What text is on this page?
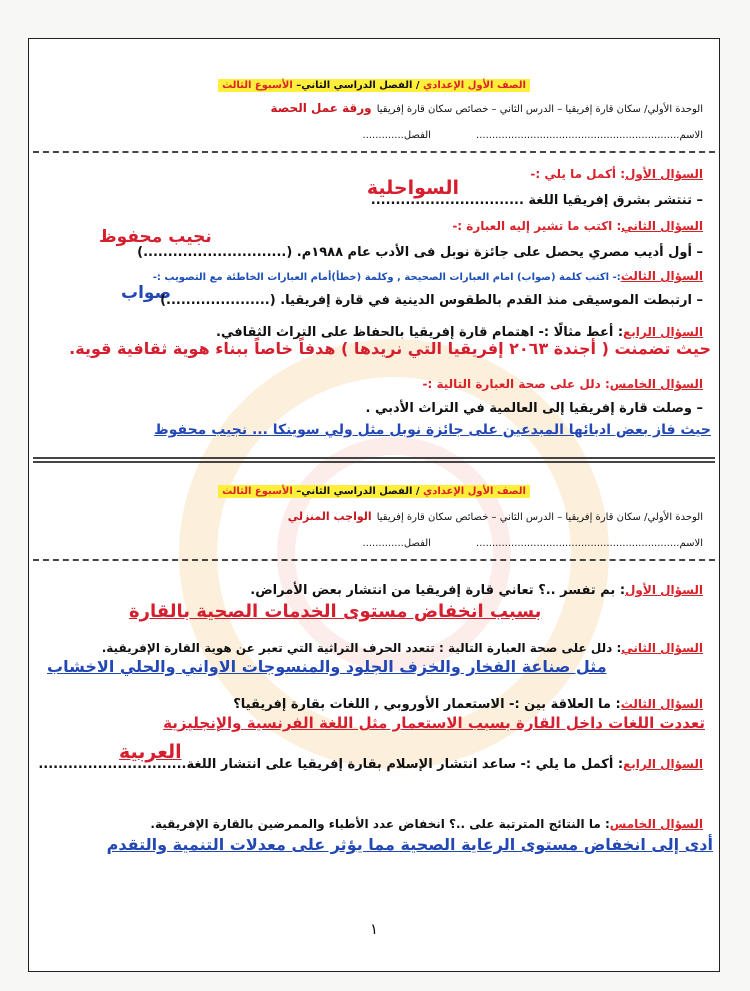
الصف الأول الإعدادي / الفصل الدراسي الثاني– الأسبوع الثالث
الوحدة الأولي/ سكان قارة إفريقيا – الدرس الثاني – خصائص سكان قارة إفريقيا ورقة عمل الحصة
الاسم................................................................ الفصل.............
السؤال الأول: أكمل ما يلي :-
السواحلية
– تنتشر بشرق إفريقيا اللغة ...............................
السؤال الثاني: اكتب ما تشير إليه العبارة :-
نجيب محفوظ
– أول أديب مصري يحصل على جائزة نوبل فى الأدب عام ١٩٨٨م. (.............................)
السؤال الثالث:- اكتب كلمة (صواب) امام العبارات الصحيحة , وكلمة (خطأ)أمام العبارات الخاطئة مع التصويب :-
صواب
– ارتبطت الموسيقى منذ القدم بالطقوس الدينية في قارة إفريقيا. (.....................)
السؤال الرابع: أعط مثالًا :- اهتمام قارة إفريقيا بالحفاظ على التراث الثقافي.
حيث تضمنت ( أجندة ٢٠٦٣ إفريقيا التي نريدها ) هدفاً خاصاً ببناء هوية ثقافية قوية.
السؤال الخامس: دلل على صحة العبارة التالية :-
– وصلت قارة إفريقيا إلى العالمية في التراث الأدبي .
حيث فاز بعض ادبائها المبدعين على جائزة نوبل مثل ولي سوينكا ... نجيب محفوظ
الصف الأول الإعدادي / الفصل الدراسي الثاني– الأسبوع الثالث
الوحدة الأولي/ سكان قارة إفريقيا – الدرس الثاني – خصائص سكان قارة إفريقيا الواجب المنزلي
الاسم................................................................ الفصل.............
السؤال الأول: بم تفسر ..؟ تعاني قارة إفريقيا من انتشار بعض الأمراض.
بسبب انخفاض مستوى الخدمات الصحية بالقارة
السؤال الثاني: دلل على صحة العبارة التالية : تتعدد الحرف التراثية التي تعبر عن هوية القارة الإفريقية.
مثل صناعة الفخار والخزف الجلود والمنسوجات الاواني والحلي الاخشاب
السؤال الثالث: ما العلاقة بين :- الاستعمار الأوروبي , اللغات بقارة إفريقيا؟
تعددت اللغات داخل القارة بسبب الاستعمار مثل اللغة الفرنسية والإنجليزية
السؤال الرابع: أكمل ما يلي :- ساعد انتشار الإسلام بقارة إفريقيا على انتشار اللغة..............................
العربية
السؤال الخامس: ما النتائج المترتبة على ..؟ انخفاض عدد الأطباء والممرضين بالقارة الإفريقية.
أدى إلى انخفاض مستوى الرعاية الصحية مما يؤثر على معدلات التنمية والتقدم
١
